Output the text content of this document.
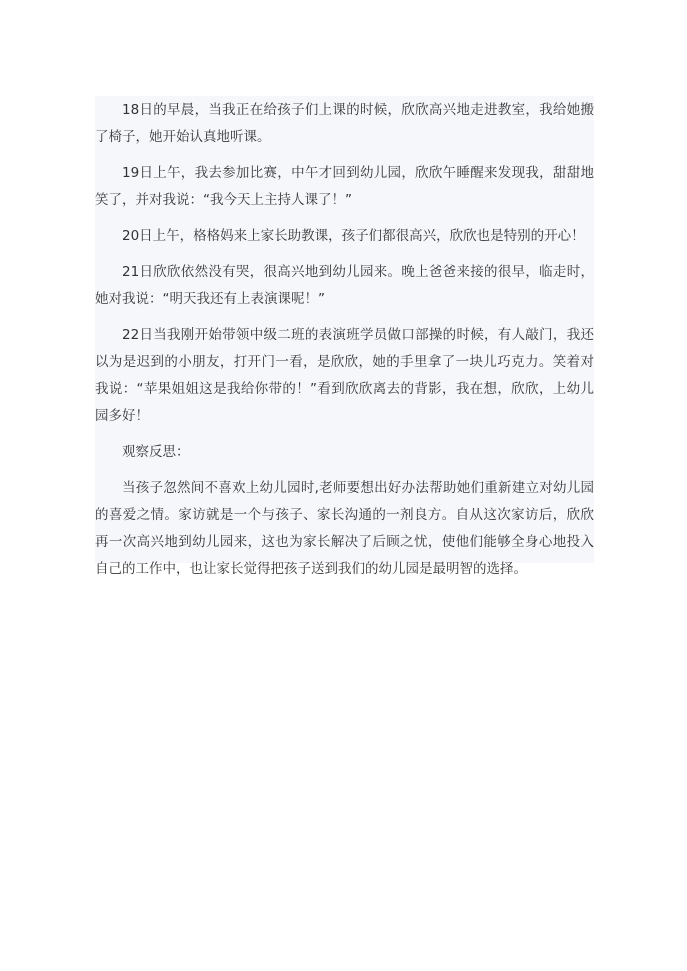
18日的早晨，当我正在给孩子们上课的时候，欣欣高兴地走进教室，我给她搬了椅子，她开始认真地听课。

19日上午，我去参加比赛，中午才回到幼儿园，欣欣午睡醒来发现我，甜甜地笑了，并对我说：“我今天上主持人课了！”

20日上午，格格妈来上家长助教课，孩子们都很高兴，欣欣也是特别的开心！

21日欣欣依然没有哭，很高兴地到幼儿园来。晚上爸爸来接的很早，临走时，她对我说：“明天我还有上表演课呢！”

22日当我刚开始带领中级二班的表演班学员做口部操的时候，有人敲门，我还以为是迟到的小朋友，打开门一看，是欣欣，她的手里拿了一块儿巧克力。笑着对我说：“苹果姐姐这是我给你带的！”看到欣欣离去的背影，我在想，欣欣，上幼儿园多好！

观察反思：

当孩子忽然间不喜欢上幼儿园时,老师要想出好办法帮助她们重新建立对幼儿园的喜爱之情。家访就是一个与孩子、家长沟通的一剂良方。自从这次家访后，欣欣再一次高兴地到幼儿园来，这也为家长解决了后顾之忧，使他们能够全身心地投入自己的工作中，也让家长觉得把孩子送到我们的幼儿园是最明智的选择。
